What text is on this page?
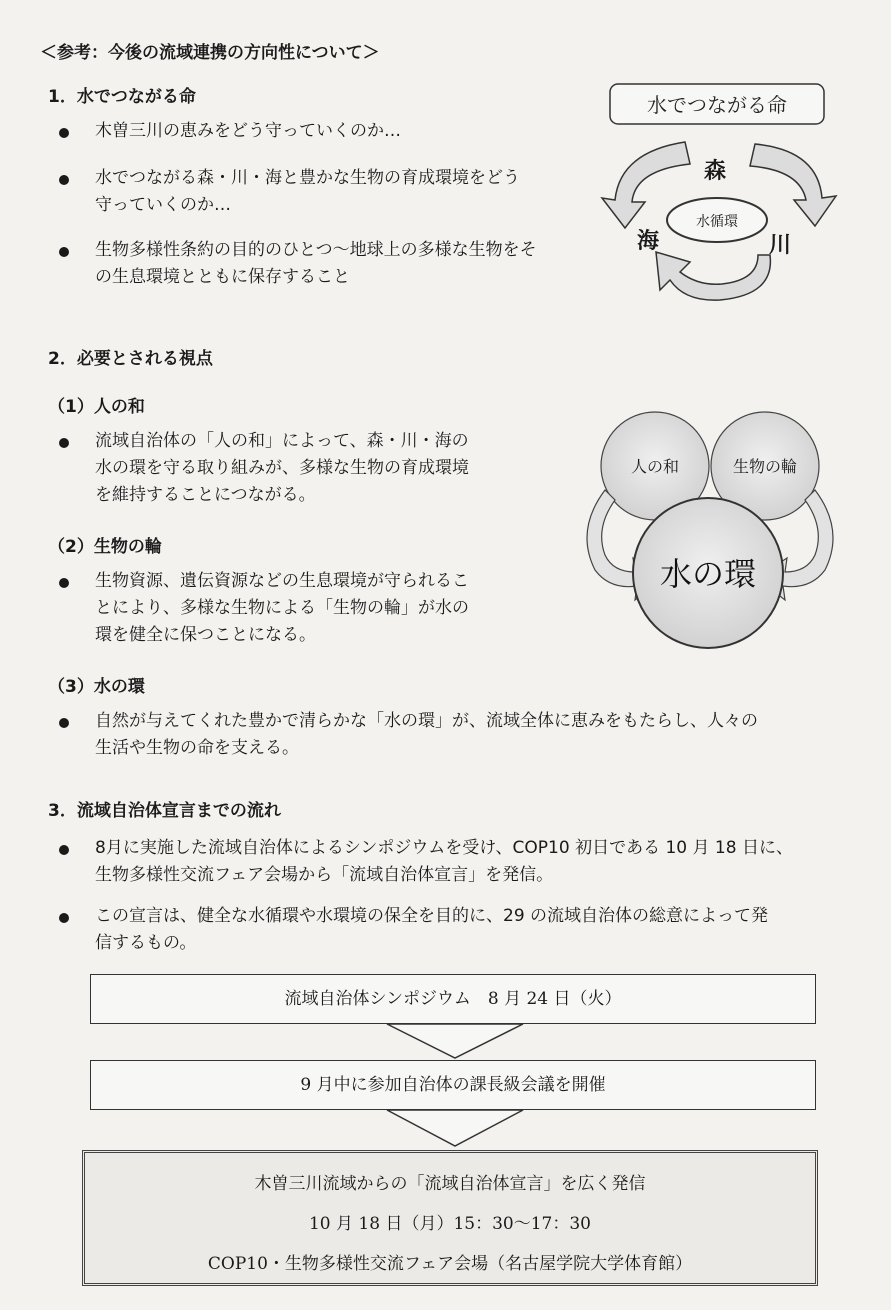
＜参考：今後の流域連携の方向性について＞
1．水でつながる命
木曽三川の恵みをどう守っていくのか…
水でつながる森・川・海と豊かな生物の育成環境をどう
守っていくのか…
生物多様性条約の目的のひとつ～地球上の多様な生物をそ
の生息環境とともに保存すること
水でつながる命
森
川
海
水循環
2．必要とされる視点
（1）人の和
流域自治体の「人の和」によって、森・川・海の
水の環を守る取り組みが、多様な生物の育成環境
を維持することにつながる。
（2）生物の輪
生物資源、遺伝資源などの生息環境が守られるこ
とにより、多様な生物による「生物の輪」が水の
環を健全に保つことになる。
（3）水の環
自然が与えてくれた豊かで清らかな「水の環」が、流域全体に恵みをもたらし、人々の
生活や生物の命を支える。
人の和	生物の輪
水の環
3．流域自治体宣言までの流れ
8月に実施した流域自治体によるシンポジウムを受け、COP10 初日である 10 月 18 日に、
生物多様性交流フェア会場から「流域自治体宣言」を発信。
この宣言は、健全な水循環や水環境の保全を目的に、29 の流域自治体の総意によって発
信するもの。
流域自治体シンポジウム　8 月 24 日（火）
9 月中に参加自治体の課長級会議を開催
木曽三川流域からの「流域自治体宣言」を広く発信
10 月 18 日（月）15：30～17：30
COP10・生物多様性交流フェア会場（名古屋学院大学体育館）
